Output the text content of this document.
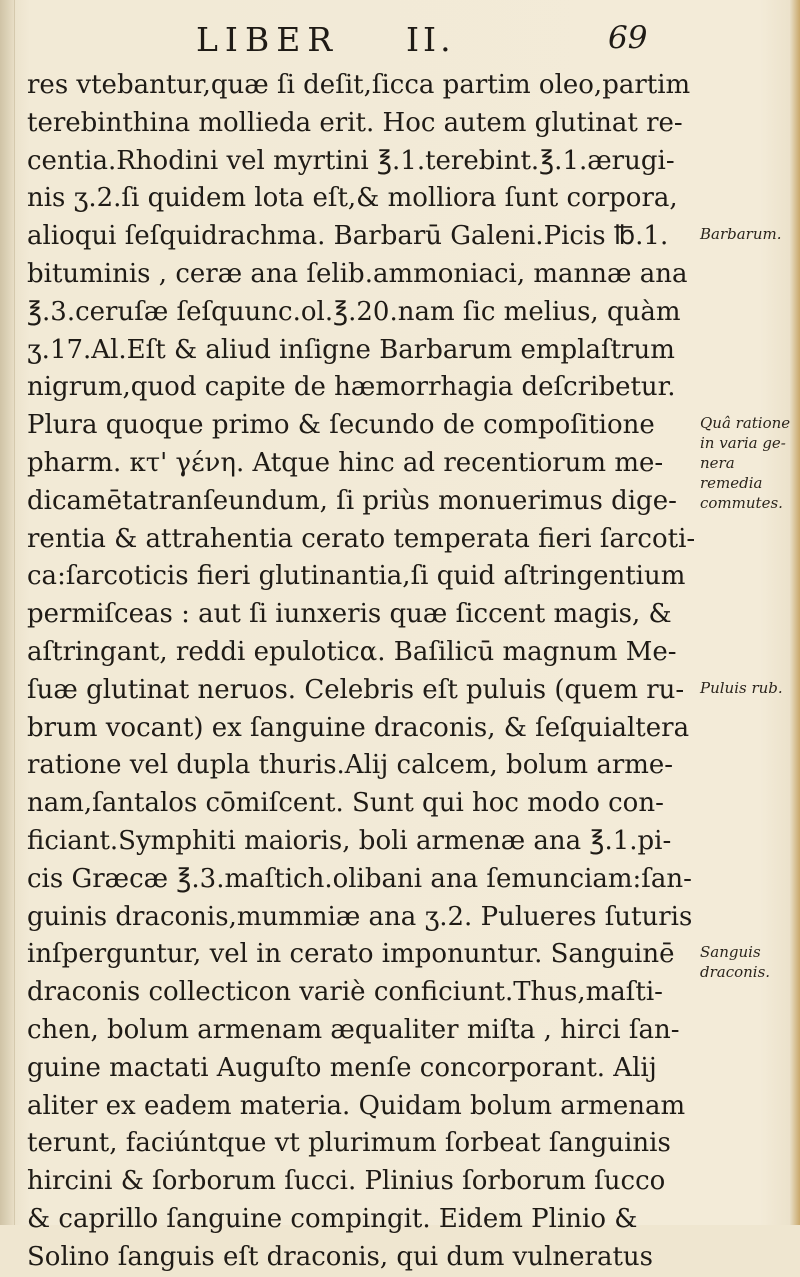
LIBER II.	69
res vtebantur,quæ ſi deſit,ſicca partim oleo,partim
terebinthina mollieda erit. Hoc autem glutinat re-
centia.Rhodini vel myrtini ℥.1.terebint.℥.1.ærugi-
nis ʒ.2.ſi quidem lota eſt,& molliora ſunt corpora,
alioqui ſeſquidrachma. Barbarū Galeni.Picis ℔.1.
bituminis , ceræ ana ſelib.ammoniaci, mannæ ana
℥.3.ceruſæ ſeſquunc.ol.℥.20.nam ſic melius, quàm
ʒ.17.Al.Eſt & aliud inſigne Barbarum emplaſtrum
nigrum,quod capite de hæmorrhagia deſcribetur.
Plura quoque primo & ſecundo de compoſitione
pharm. κτ' γένη. Atque hinc ad recentiorum me-
dicamētatranſeundum, ſi priùs monuerimus dige-
rentia & attrahentia cerato temperata fieri ſarcoti-
ca:ſarcoticis fieri glutinantia,ſi quid aſtringentium
permiſceas : aut ſi iunxeris quæ ſiccent magis, &
aſtringant, reddi epuloticα. Baſilicū magnum Me-
ſuæ glutinat neruos. Celebris eſt puluis (quem ru-
brum vocant) ex ſanguine draconis, & ſeſquialtera
ratione vel dupla thuris.Alij calcem, bolum arme-
nam,ſantalos cōmiſcent. Sunt qui hoc modo con-
ficiant.Symphiti maioris, boli armenæ ana ℥.1.pi-
cis Græcæ ℥.3.maſtich.olibani ana ſemunciam:ſan-
guinis draconis,mummiæ ana ʒ.2. Pulueres ſuturis
inſperguntur, vel in cerato imponuntur. Sanguinē
draconis collecticon variè conficiunt.Thus,maſti-
chen, bolum armenam æqualiter miſta , hirci ſan-
guine mactati Auguſto menſe concorporant. Alij
aliter ex eadem materia. Quidam bolum armenam
terunt, faciúntque vt plurimum ſorbeat ſanguinis
hircini & ſorborum ſucci. Plinius ſorborum ſucco
& caprillo ſanguine compingit. Eidem Plinio &
Solino ſanguis eſt draconis, qui dum vulneratus
Barbarum.
Quâ ratione in varia ge-nera remedia commutes.
Puluis rub.
Sanguis draconis.
